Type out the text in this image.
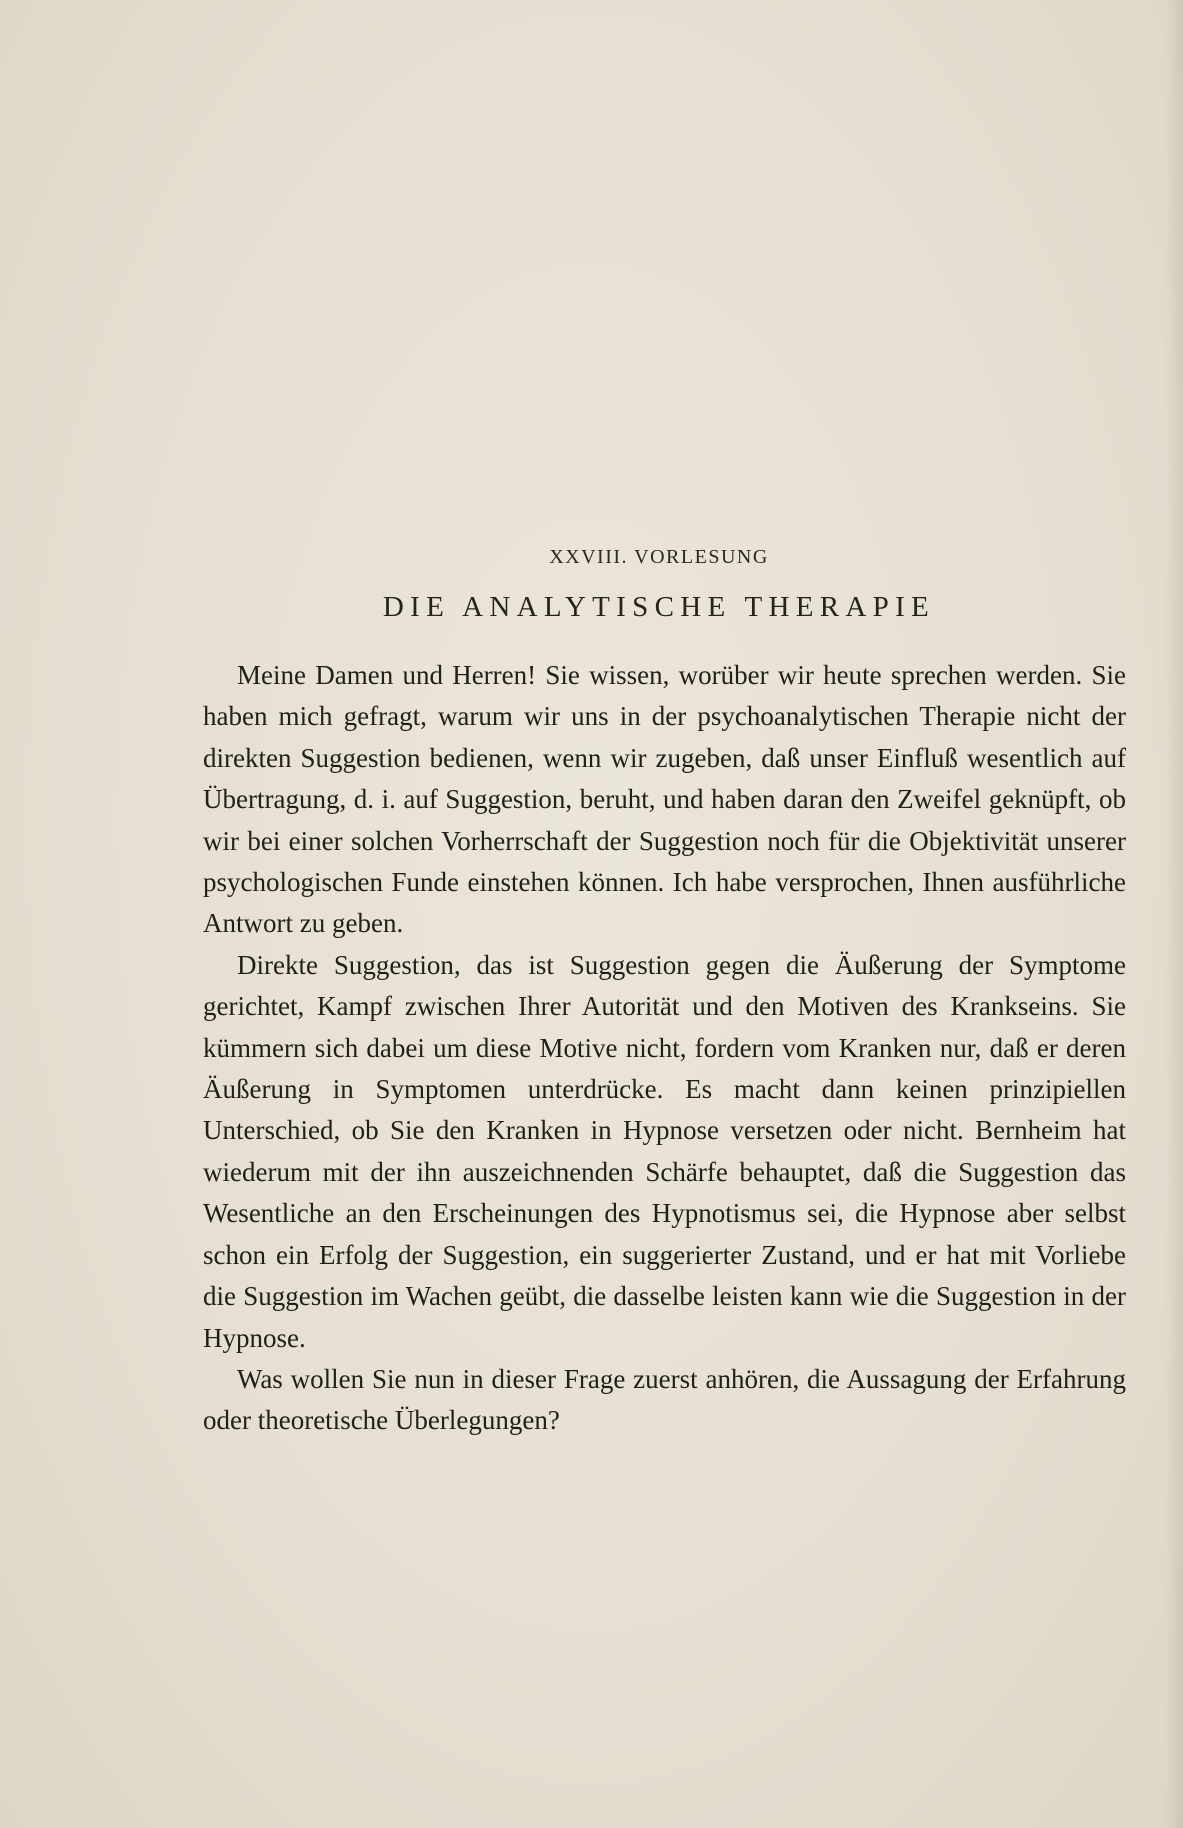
XXVIII. VORLESUNG
DIE ANALYTISCHE THERAPIE

Meine Damen und Herren! Sie wissen, worüber wir heute sprechen werden. Sie haben mich gefragt, warum wir uns in der psychoanalytischen Therapie nicht der direkten Suggestion bedienen, wenn wir zugeben, daß unser Einfluß wesentlich auf Übertragung, d. i. auf Suggestion, beruht, und haben daran den Zweifel geknüpft, ob wir bei einer solchen Vorherrschaft der Suggestion noch für die Objektivität unserer psychologischen Funde einstehen können. Ich habe versprochen, Ihnen ausführliche Antwort zu geben.

Direkte Suggestion, das ist Suggestion gegen die Äußerung der Symptome gerichtet, Kampf zwischen Ihrer Autorität und den Motiven des Krankseins. Sie kümmern sich dabei um diese Motive nicht, fordern vom Kranken nur, daß er deren Äußerung in Symptomen unterdrücke. Es macht dann keinen prinzipiellen Unterschied, ob Sie den Kranken in Hypnose versetzen oder nicht. Bernheim hat wiederum mit der ihn auszeichnenden Schärfe behauptet, daß die Suggestion das Wesentliche an den Erscheinungen des Hypnotismus sei, die Hypnose aber selbst schon ein Erfolg der Suggestion, ein suggerierter Zustand, und er hat mit Vorliebe die Suggestion im Wachen geübt, die dasselbe leisten kann wie die Suggestion in der Hypnose.

Was wollen Sie nun in dieser Frage zuerst anhören, die Aussagung der Erfahrung oder theoretische Überlegungen?
